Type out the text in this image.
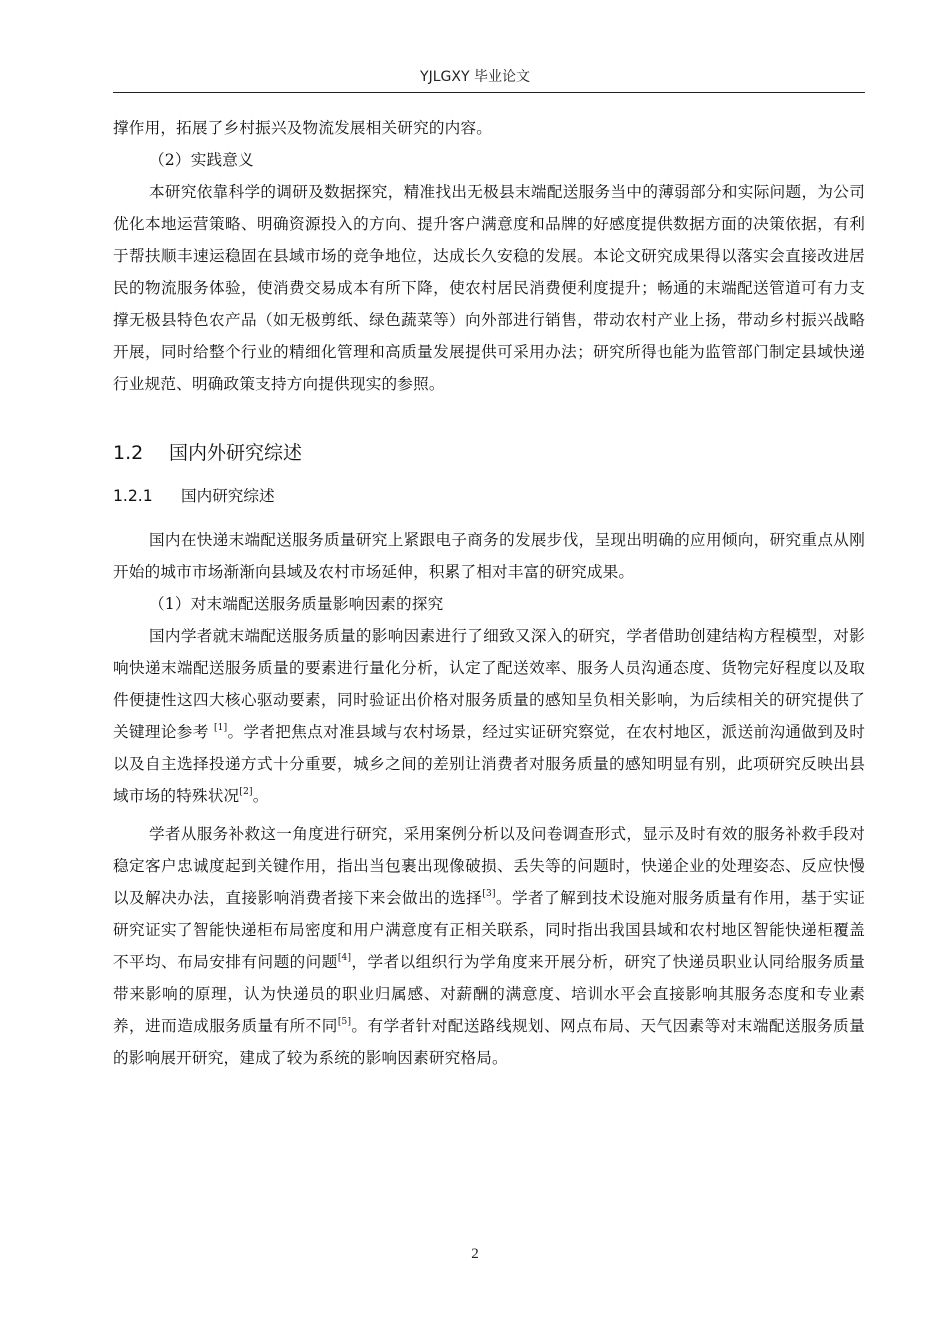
YJLGXY 毕业论文

撑作用，拓展了乡村振兴及物流发展相关研究的内容。

（2）实践意义

本研究依靠科学的调研及数据探究，精准找出无极县末端配送服务当中的薄弱部分和实际问题，为公司优化本地运营策略、明确资源投入的方向、提升客户满意度和品牌的好感度提供数据方面的决策依据，有利于帮扶顺丰速运稳固在县域市场的竞争地位，达成长久安稳的发展。本论文研究成果得以落实会直接改进居民的物流服务体验，使消费交易成本有所下降，使农村居民消费便利度提升；畅通的末端配送管道可有力支撑无极县特色农产品（如无极剪纸、绿色蔬菜等）向外部进行销售，带动农村产业上扬，带动乡村振兴战略开展，同时给整个行业的精细化管理和高质量发展提供可采用办法；研究所得也能为监管部门制定县域快递行业规范、明确政策支持方向提供现实的参照。

1.2	国内外研究综述
1.2.1	国内研究综述

国内在快递末端配送服务质量研究上紧跟电子商务的发展步伐，呈现出明确的应用倾向，研究重点从刚开始的城市市场渐渐向县域及农村市场延伸，积累了相对丰富的研究成果。

（1）对末端配送服务质量影响因素的探究

国内学者就末端配送服务质量的影响因素进行了细致又深入的研究，学者借助创建结构方程模型，对影响快递末端配送服务质量的要素进行量化分析，认定了配送效率、服务人员沟通态度、货物完好程度以及取件便捷性这四大核心驱动要素，同时验证出价格对服务质量的感知呈负相关影响，为后续相关的研究提供了关键理论参考 [1]。学者把焦点对准县域与农村场景，经过实证研究察觉，在农村地区，派送前沟通做到及时以及自主选择投递方式十分重要，城乡之间的差别让消费者对服务质量的感知明显有别，此项研究反映出县域市场的特殊状况[2]。

学者从服务补救这一角度进行研究，采用案例分析以及问卷调查形式，显示及时有效的服务补救手段对稳定客户忠诚度起到关键作用，指出当包裹出现像破损、丢失等的问题时，快递企业的处理姿态、反应快慢以及解决办法，直接影响消费者接下来会做出的选择[3]。学者了解到技术设施对服务质量有作用，基于实证研究证实了智能快递柜布局密度和用户满意度有正相关联系，同时指出我国县域和农村地区智能快递柜覆盖不平均、布局安排有问题的问题[4]，学者以组织行为学角度来开展分析，研究了快递员职业认同给服务质量带来影响的原理，认为快递员的职业归属感、对薪酬的满意度、培训水平会直接影响其服务态度和专业素养，进而造成服务质量有所不同[5]。有学者针对配送路线规划、网点布局、天气因素等对末端配送服务质量的影响展开研究，建成了较为系统的影响因素研究格局。

2
